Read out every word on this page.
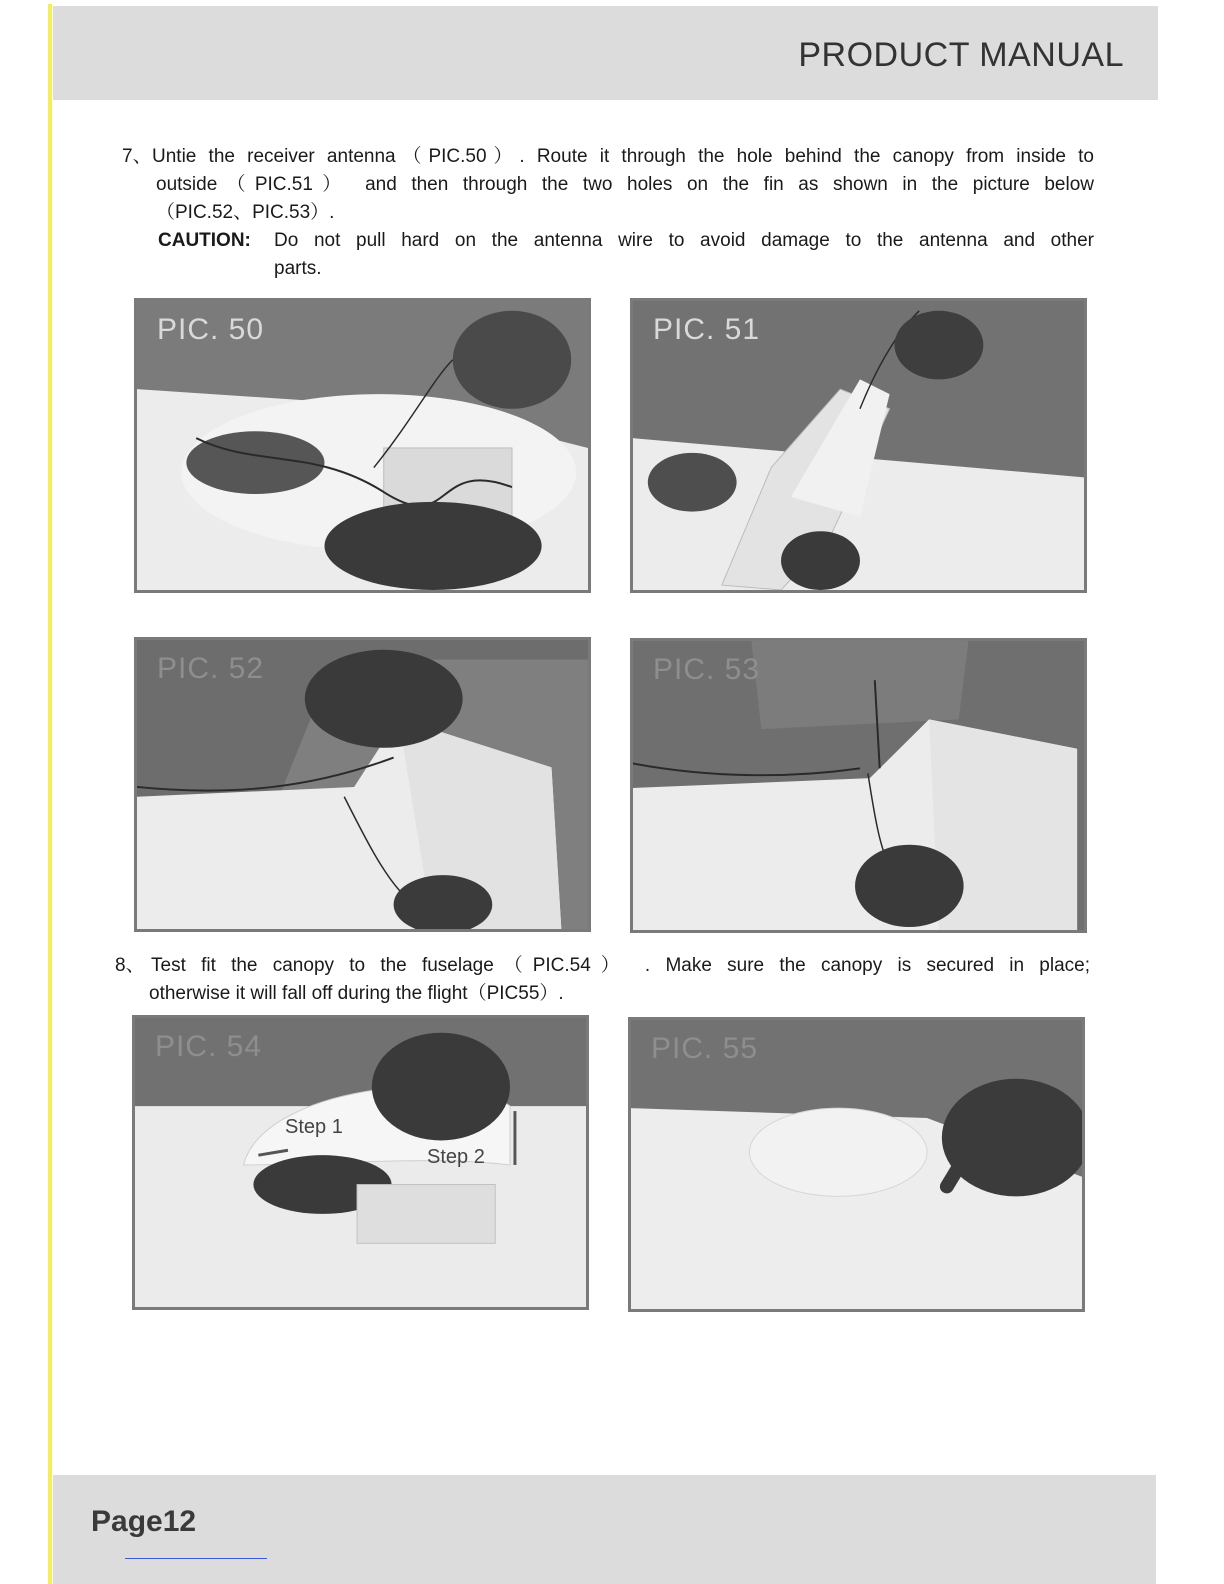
PRODUCT MANUAL
7、 Untie the receiver antenna（PIC.50）. Route it through the hole behind the canopy from inside to
outside（PIC.51） and then through the two holes on the fin as shown in the picture below
（PIC.52、PIC.53）.
CAUTION: Do not pull hard on the antenna wire to avoid damage to the antenna and other
parts.
PIC. 50	PIC. 51
PIC. 52	PIC. 53
8、 Test fit the canopy to the fuselage（PIC.54） . Make sure the canopy is secured in place;
otherwise it will fall off during the flight（PIC55）.
PIC. 54
Step 1
Step 2
PIC. 55
Page12
